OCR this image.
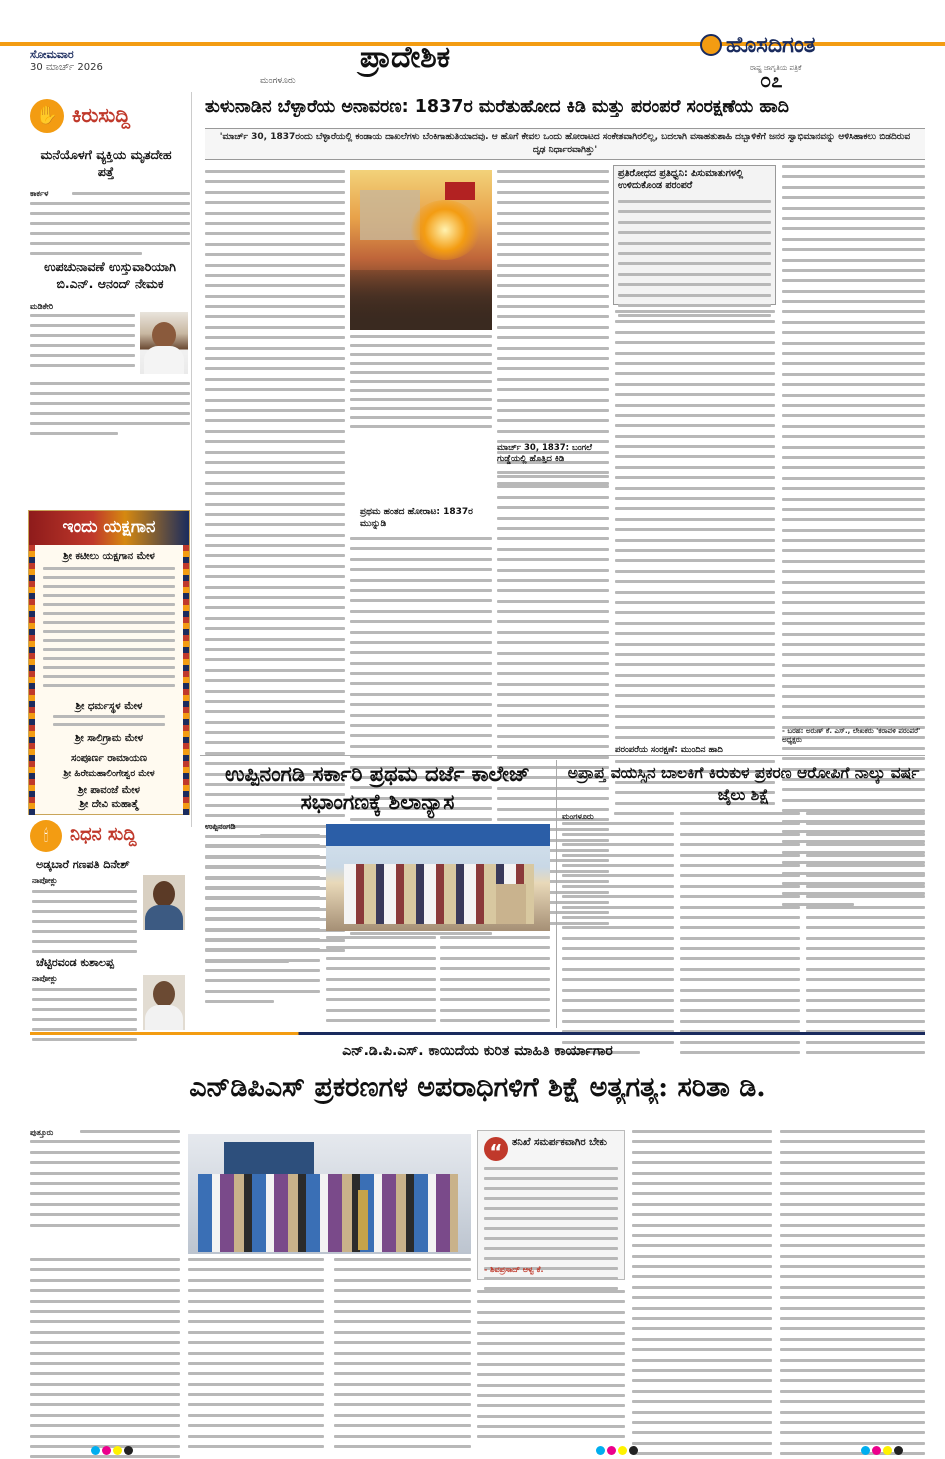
ಸೋಮವಾರ
30 ಮಾರ್ಚ್ 2026
ಮಂಗಳೂರು
ಪ್ರಾದೇಶಿಕ	ಹೊಸದಿಗಂತ
ರಾಷ್ಟ್ರ ಜಾಗೃತಿಯ ಪತ್ರಿಕೆ
೦೭
✋ ಕಿರುಸುದ್ದಿ
ಮನೆಯೊಳಗೆ ವ್ಯಕ್ತಿಯ ಮೃತದೇಹ ಪತ್ತೆ
ಕಾರ್ಕಳ
ಉಪಚುನಾವಣೆ ಉಸ್ತುವಾರಿಯಾಗಿ ಬಿ.ಎನ್. ಆನಂದ್ ನೇಮಕ
ಮಡಿಕೇರಿ
ಇಂದು ಯಕ್ಷಗಾನ
ಶ್ರೀ ಕಟೀಲು ಯಕ್ಷಗಾನ ಮೇಳ
ಶ್ರೀ ಧರ್ಮಸ್ಥಳ ಮೇಳ
ಶ್ರೀ ಸಾಲಿಗ್ರಾಮ ಮೇಳ
ಸಂಪೂರ್ಣ ರಾಮಾಯಣ
ಶ್ರೀ ಹಿರೇಮಹಾಲಿಂಗೇಶ್ವರ ಮೇಳ
ಶ್ರೀ ಪಾವಂಜೆ ಮೇಳ
ಶ್ರೀ ದೇವಿ ಮಹಾತ್ಮೆ
🕯	ನಿಧನ ಸುದ್ದಿ
ಅಡ್ಕಬಾರೆ ಗಣಪತಿ ದಿನೇಶ್
ನಾಪೋಕ್ಲು
ಚೆಟ್ಟಿರವಂಡ ಕುಶಾಲಪ್ಪ
ನಾಪೋಕ್ಲು
ತುಳುನಾಡಿನ ಬೆಳ್ಳಾರೆಯ ಅನಾವರಣ: 1837ರ ಮರೆತುಹೋದ ಕಿಡಿ ಮತ್ತು ಪರಂಪರೆ ಸಂರಕ್ಷಣೆಯ ಹಾದಿ
'ಮಾರ್ಚ್ 30, 1837ರಂದು ಬೆಳ್ಳಾರೆಯಲ್ಲಿ ಕಂಡಾಯ ದಾಖಲೆಗಳು ಬೆಂಕಿಗಾಹುತಿಯಾದವು. ಆ ಹೊಗೆ ಕೇವಲ ಒಂದು ಹೋರಾಟದ ಸಂಕೇತವಾಗಿರಲಿಲ್ಲ, ಬದಲಾಗಿ ವಸಾಹತುಶಾಹಿ ದಬ್ಬಾಳಿಕೆಗೆ ಜನರ ಸ್ವಾಭಿಮಾನವನ್ನು ಆಳಿಸಿಹಾಕಲು ಬಿಡದಿರುವ ದೃಢ ನಿರ್ಧಾರವಾಗಿತ್ತು'
ಪ್ರಥಮ ಹಂತದ ಹೋರಾಟ: 1837ರ ಮುನ್ನುಡಿ
ಮಾರ್ಚ್ 30, 1837: ಬಂಗಲೆ ಗುಡ್ಡೆಯಲ್ಲಿ ಹೊತ್ತಿದ ಕಿಡಿ
ಪ್ರತಿರೋಧದ ಪ್ರತಿಧ್ವನಿ: ಪಿಸುಮಾತುಗಳಲ್ಲಿ ಉಳಿದುಕೊಂಡ ಪರಂಪರೆ
ಪರಂಪರೆಯ ಸಂರಕ್ಷಣೆ: ಮುಂದಿನ ಹಾದಿ
- ಬರಹ: ಅರುಣ್ ಕೆ. ಎಸ್., ಲೇಖಕರು 'ಕರಾವಳಿ ಪರಂಪರೆ' ಅಧ್ಯಕ್ಷರು
ಉಪ್ಪಿನಂಗಡಿ ಸರ್ಕಾರಿ ಪ್ರಥಮ ದರ್ಜೆ ಕಾಲೇಜ್ ಸಭಾಂಗಣಕ್ಕೆ ಶಿಲಾನ್ಯಾಸ
ಉಪ್ಪಿನಂಗಡಿ
ಅಪ್ರಾಪ್ತ ವಯಸ್ಸಿನ ಬಾಲಕಿಗೆ ಕಿರುಕುಳ ಪ್ರಕರಣ ಆರೋಪಿಗೆ ನಾಲ್ಕು ವರ್ಷ ಜೈಲು ಶಿಕ್ಷೆ
ಮಂಗಳೂರು
ಎನ್.ಡಿ.ಪಿ.ಎಸ್. ಕಾಯಿದೆಯ ಕುರಿತ ಮಾಹಿತಿ ಕಾರ್ಯಾಗಾರ
ಎನ್‌ಡಿಪಿಎಸ್ ಪ್ರಕರಣಗಳ ಅಪರಾಧಿಗಳಿಗೆ ಶಿಕ್ಷೆ ಅತ್ಯಗತ್ಯ: ಸರಿತಾ ಡಿ.
ಪುತ್ತೂರು
“ ತನಿಖೆ ಸಮರ್ಪಕವಾಗಿರ ಬೇಕು
- ಶಿವಪ್ರಸಾದ್ ಆಳ್ವ ಕೆ.
